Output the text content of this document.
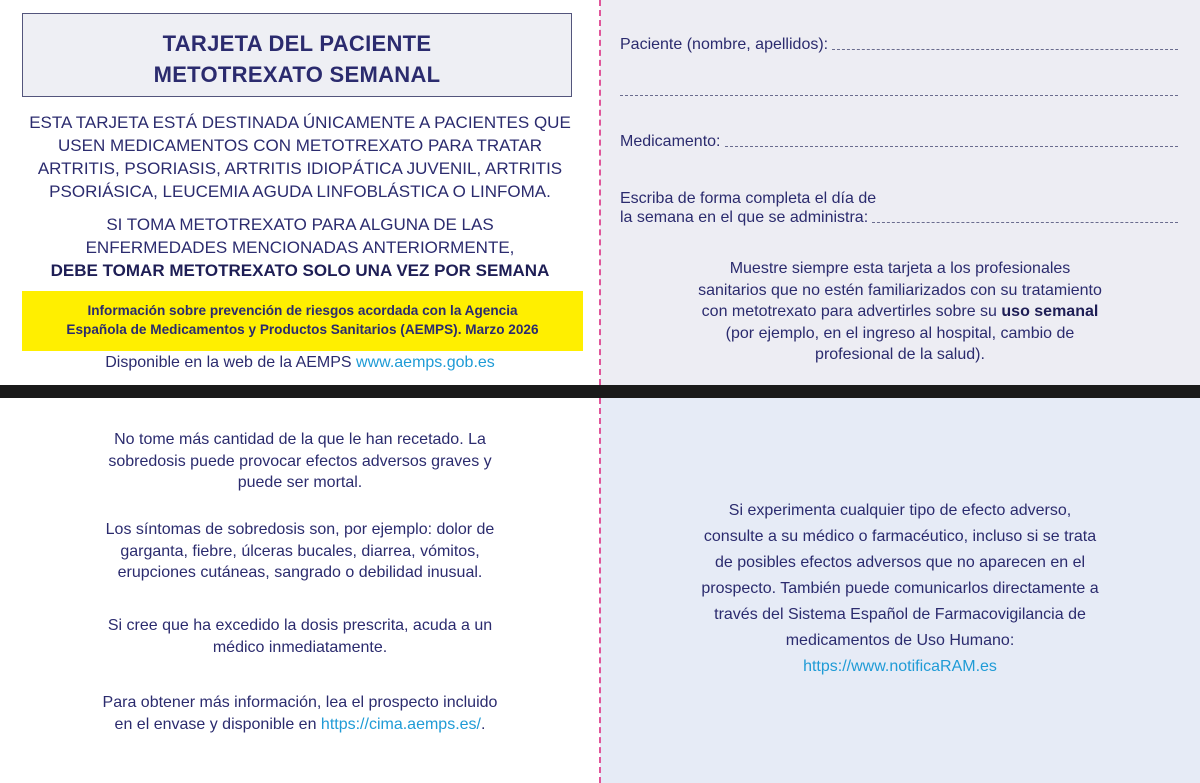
TARJETA DEL PACIENTE
METOTREXATO SEMANAL
ESTA TARJETA ESTÁ DESTINADA ÚNICAMENTE A PACIENTES QUE
USEN MEDICAMENTOS CON METOTREXATO PARA TRATAR
ARTRITIS, PSORIASIS, ARTRITIS IDIOPÁTICA JUVENIL, ARTRITIS
PSORIÁSICA, LEUCEMIA AGUDA LINFOBLÁSTICA O LINFOMA.
SI TOMA METOTREXATO PARA ALGUNA DE LAS
ENFERMEDADES MENCIONADAS ANTERIORMENTE,
DEBE TOMAR METOTREXATO SOLO UNA VEZ POR SEMANA
Información sobre prevención de riesgos acordada con la Agencia
Española de Medicamentos y Productos Sanitarios (AEMPS). Marzo 2026
Disponible en la web de la AEMPS www.aemps.gob.es
Paciente (nombre, apellidos):
Medicamento:
Escriba de forma completa el día de
la semana en el que se administra:
Muestre siempre esta tarjeta a los profesionales
sanitarios que no estén familiarizados con su tratamiento
con metotrexato para advertirles sobre su uso semanal
(por ejemplo, en el ingreso al hospital, cambio de
profesional de la salud).
No tome más cantidad de la que le han recetado. La
sobredosis puede provocar efectos adversos graves y
puede ser mortal.
Los síntomas de sobredosis son, por ejemplo: dolor de
garganta, fiebre, úlceras bucales, diarrea, vómitos,
erupciones cutáneas, sangrado o debilidad inusual.
Si cree que ha excedido la dosis prescrita, acuda a un
médico inmediatamente.
Para obtener más información, lea el prospecto incluido
en el envase y disponible en https://cima.aemps.es/.
Si experimenta cualquier tipo de efecto adverso,
consulte a su médico o farmacéutico, incluso si se trata
de posibles efectos adversos que no aparecen en el
prospecto. También puede comunicarlos directamente a
través del Sistema Español de Farmacovigilancia de
medicamentos de Uso Humano:
https://www.notificaRAM.es
